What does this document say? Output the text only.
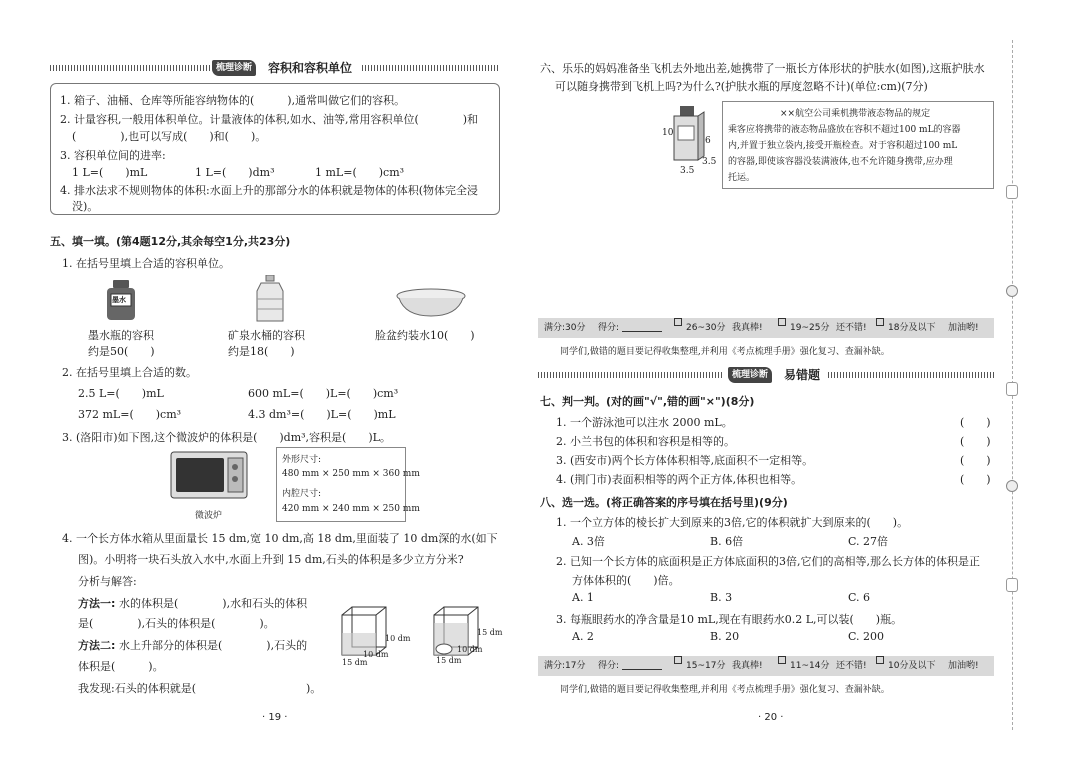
梳理诊断	容积和容积单位
1. 箱子、油桶、仓库等所能容纳物体的(　　　),通常叫做它们的容积。
2. 计量容积,一般用体积单位。计量液体的体积,如水、油等,常用容积单位(　　　　)和
(　　　　),也可以写成(　　)和(　　)。
3. 容积单位间的进率:
1 L=(　　)mL	1 L=(　　)dm³	1 mL=(　　)cm³
4. 排水法求不规则物体的体积:水面上升的那部分水的体积就是物体的体积(物体完全浸
没)。
五、填一填。(第4题12分,其余每空1分,共23分)
1. 在括号里填上合适的容积单位。
墨水
墨水瓶的容积
约是50(　　)
矿泉水桶的容积
约是18(　　)
脸盆约装水10(　　)
2. 在括号里填上合适的数。
2.5 L=(　　)mL	600 mL=(　　)L=(　　)cm³
372 mL=(　　)cm³	4.3 dm³=(　　)L=(　　)mL
3. (洛阳市)如下图,这个微波炉的体积是(　　)dm³,容积是(　　)L。
微波炉
外形尺寸:
480 mm × 250 mm × 360 mm
内腔尺寸:
420 mm × 240 mm × 250 mm
4. 一个长方体水箱从里面量长 15 dm,宽 10 dm,高 18 dm,里面装了 10 dm深的水(如下
图)。小明将一块石头放入水中,水面上升到 15 dm,石头的体积是多少立方分米?
分析与解答:
方法一: 水的体积是(　　　　),水和石头的体积
是(　　　　),石头的体积是(　　　　)。
方法二: 水上升部分的体积是(　　　　),石头的
体积是(　　　)。
我发现:石头的体积就是(　　　　　　　　　　)。
10 dm
10 dm
15 dm
15 dm
10 dm
15 dm
· 19 ·
六、乐乐的妈妈准备坐飞机去外地出差,她携带了一瓶长方体形状的护肤水(如图),这瓶护肤水
可以随身携带到飞机上吗?为什么?(护肤水瓶的厚度忽略不计)(单位:cm)(7分)
10
6
3.5
3.5
××航空公司乘机携带液态物品的规定
乘客应将携带的液态物品盛放在容积不超过100 mL的容器
内,并置于独立袋内,接受开瓶检查。对于容积超过100 mL
的容器,即使该容器没装满液体,也不允许随身携带,应办理
托运。
满分:30分 得分:	26~30分 我真棒!	19~25分 还不错! 18分及以下 加油哟!
同学们,做错的题目要记得收集整理,并利用《考点梳理手册》强化复习、查漏补缺。
梳理诊断	易错题
七、判一判。(对的画"√",错的画"×")(8分)
1. 一个游泳池可以注水 2000 mL。	(　　)
2. 小兰书包的体积和容积是相等的。	(　　)
3. (西安市)两个长方体体积相等,底面积不一定相等。	(　　)
4. (荆门市)表面积相等的两个正方体,体积也相等。	(　　)
八、选一选。(将正确答案的序号填在括号里)(9分)
1. 一个立方体的棱长扩大到原来的3倍,它的体积就扩大到原来的(　　)。
A. 3倍	B. 6倍	C. 27倍
2. 已知一个长方体的底面积是正方体底面积的3倍,它们的高相等,那么长方体的体积是正
方体体积的(　　)倍。
A. 1	B. 3	C. 6
3. 每瓶眼药水的净含量是10 mL,现在有眼药水0.2 L,可以装(　　)瓶。
A. 2	B. 20	C. 200
满分:17分 得分:	15~17分 我真棒!	11~14分 还不错! 10分及以下 加油哟!
同学们,做错的题目要记得收集整理,并利用《考点梳理手册》强化复习、查漏补缺。
· 20 ·
